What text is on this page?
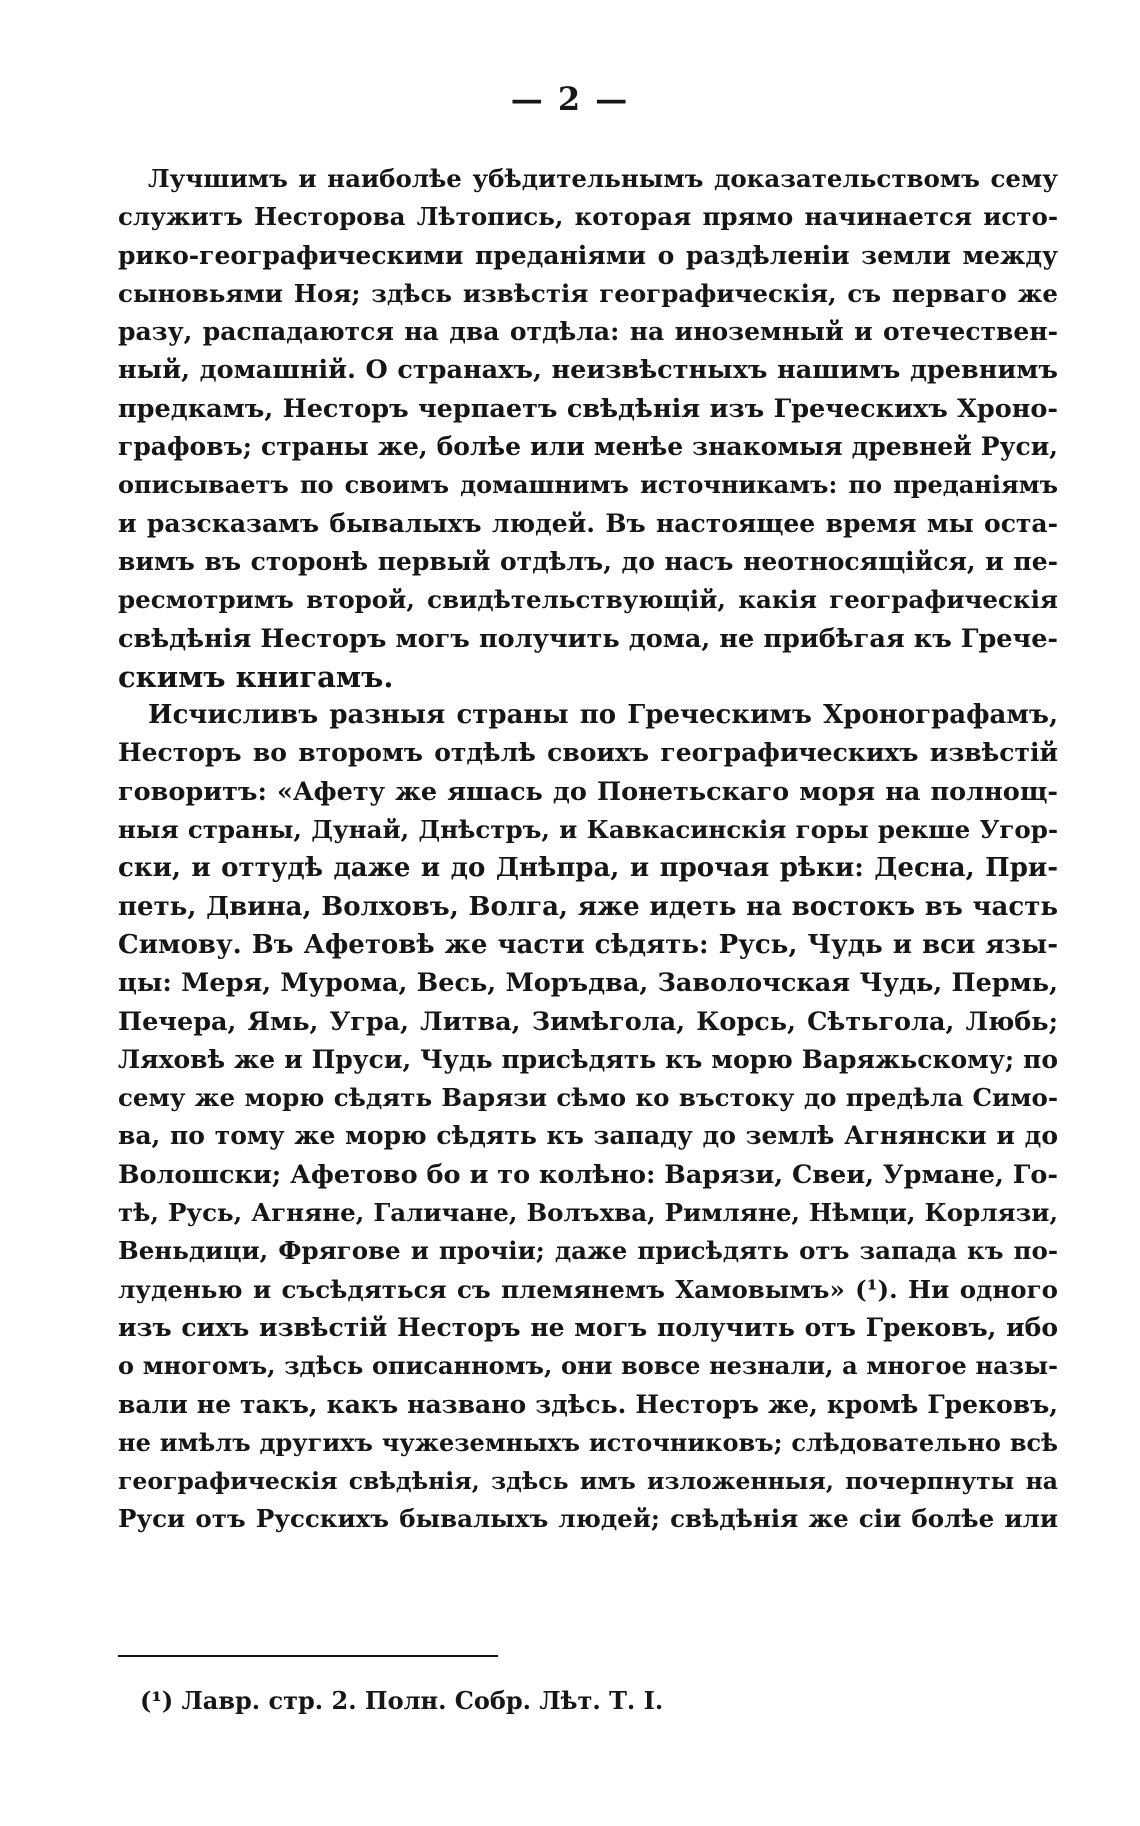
— 2 —
Лучшимъ и наиболѣе убѣдительнымъ доказательствомъ сему
служитъ Несторова Лѣтопись, которая прямо начинается исто-
рико-географическими преданіями о раздѣленіи земли между
сыновьями Ноя; здѣсь извѣстія географическія, съ перваго же
разу, распадаются на два отдѣла: на иноземный и отечествен-
ный, домашній. О странахъ, неизвѣстныхъ нашимъ древнимъ
предкамъ, Несторъ черпаетъ свѣдѣнія изъ Греческихъ Хроно-
графовъ; страны же, болѣе или менѣе знакомыя древней Руси,
описываетъ по своимъ домашнимъ источникамъ: по преданіямъ
и разсказамъ бывалыхъ людей. Въ настоящее время мы оста-
вимъ въ сторонѣ первый отдѣлъ, до насъ неотносящійся, и пе-
ресмотримъ второй, свидѣтельствующій, какія географическія
свѣдѣнія Несторъ могъ получить дома, не прибѣгая къ Грече-
скимъ книгамъ.
Исчисливъ разныя страны по Греческимъ Хронографамъ,
Несторъ во второмъ отдѣлѣ своихъ географическихъ извѣстій
говоритъ: «Афету же яшась до Понетьскаго моря на полнощ-
ныя страны, Дунай, Днѣстръ, и Кавкасинскія горы рекше Угор-
ски, и оттудѣ даже и до Днѣпра, и прочая рѣки: Десна, При-
петь, Двина, Волховъ, Волга, яже идеть на востокъ въ часть
Симову. Въ Афетовѣ же части сѣдять: Русь, Чудь и вси язы-
цы: Меря, Мурома, Весь, Моръдва, Заволочская Чудь, Пермь,
Печера, Ямь, Угра, Литва, Зимѣгола, Корсь, Сѣтьгола, Любь;
Ляховѣ же и Пруси, Чудь присѣдять къ морю Варяжьскому; по
сему же морю сѣдять Варязи сѣмо ко въстоку до предѣла Симо-
ва, по тому же морю сѣдять къ западу до землѣ Агнянски и до
Волошски; Афетово бо и то колѣно: Варязи, Свеи, Урмане, Го-
тѣ, Русь, Агняне, Галичане, Волъхва, Римляне, Нѣмци, Корлязи,
Веньдици, Фрягове и прочіи; даже присѣдять отъ запада къ по-
луденью и съсѣдяться съ племянемъ Хамовымъ» (¹). Ни одного
изъ сихъ извѣстій Несторъ не могъ получить отъ Грековъ, ибо
о многомъ, здѣсь описанномъ, они вовсе незнали, а многое назы-
вали не такъ, какъ названо здѣсь. Несторъ же, кромѣ Грековъ,
не имѣлъ другихъ чужеземныхъ источниковъ; слѣдовательно всѣ
географическія свѣдѣнія, здѣсь имъ изложенныя, почерпнуты на
Руси отъ Русскихъ бывалыхъ людей; свѣдѣнія же сіи болѣе или
(¹) Лавр. стр. 2. Полн. Собр. Лѣт. Т. I.
